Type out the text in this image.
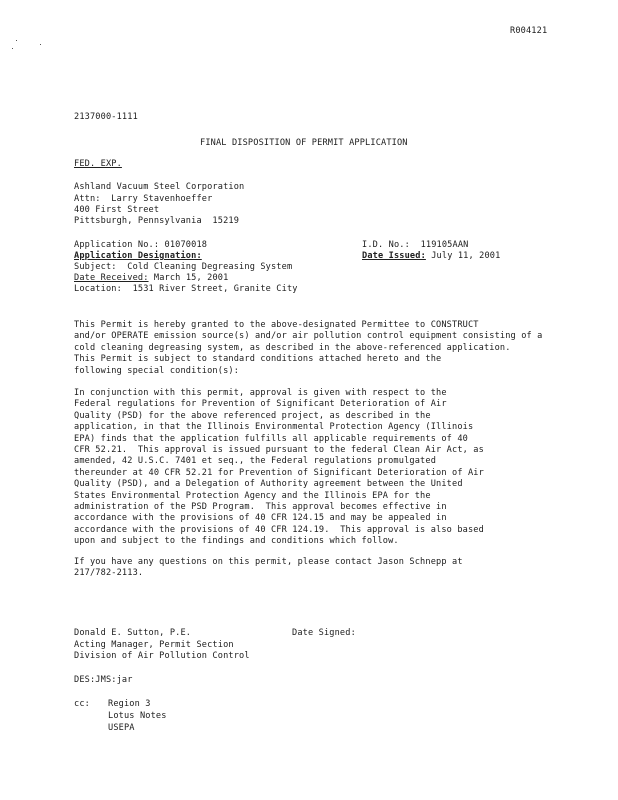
R004121
2137000-1111
FINAL DISPOSITION OF PERMIT APPLICATION
FED. EXP.
Ashland Vacuum Steel Corporation
Attn:  Larry Stavenhoeffer
400 First Street
Pittsburgh, Pennsylvania  15219
Application No.: 01070018
Application Designation:
Subject:  Cold Cleaning Degreasing System
Date Received: March 15, 2001
Location:  1531 River Street, Granite City
I.D. No.:  119105AAN
Date Issued: July 11, 2001
This Permit is hereby granted to the above-designated Permittee to CONSTRUCT
and/or OPERATE emission source(s) and/or air pollution control equipment consisting of a
cold cleaning degreasing system, as described in the above-referenced application.
This Permit is subject to standard conditions attached hereto and the
following special condition(s):
In conjunction with this permit, approval is given with respect to the
Federal regulations for Prevention of Significant Deterioration of Air
Quality (PSD) for the above referenced project, as described in the
application, in that the Illinois Environmental Protection Agency (Illinois
EPA) finds that the application fulfills all applicable requirements of 40
CFR 52.21.  This approval is issued pursuant to the federal Clean Air Act, as
amended, 42 U.S.C. 7401 et seq., the Federal regulations promulgated
thereunder at 40 CFR 52.21 for Prevention of Significant Deterioration of Air
Quality (PSD), and a Delegation of Authority agreement between the United
States Environmental Protection Agency and the Illinois EPA for the
administration of the PSD Program.  This approval becomes effective in
accordance with the provisions of 40 CFR 124.15 and may be appealed in
accordance with the provisions of 40 CFR 124.19.  This approval is also based
upon and subject to the findings and conditions which follow.
If you have any questions on this permit, please contact Jason Schnepp at
217/782-2113.
Donald E. Sutton, P.E.	Date Signed:
Acting Manager, Permit Section
Division of Air Pollution Control
DES:JMS:jar
cc: Region 3
Lotus Notes
USEPA
